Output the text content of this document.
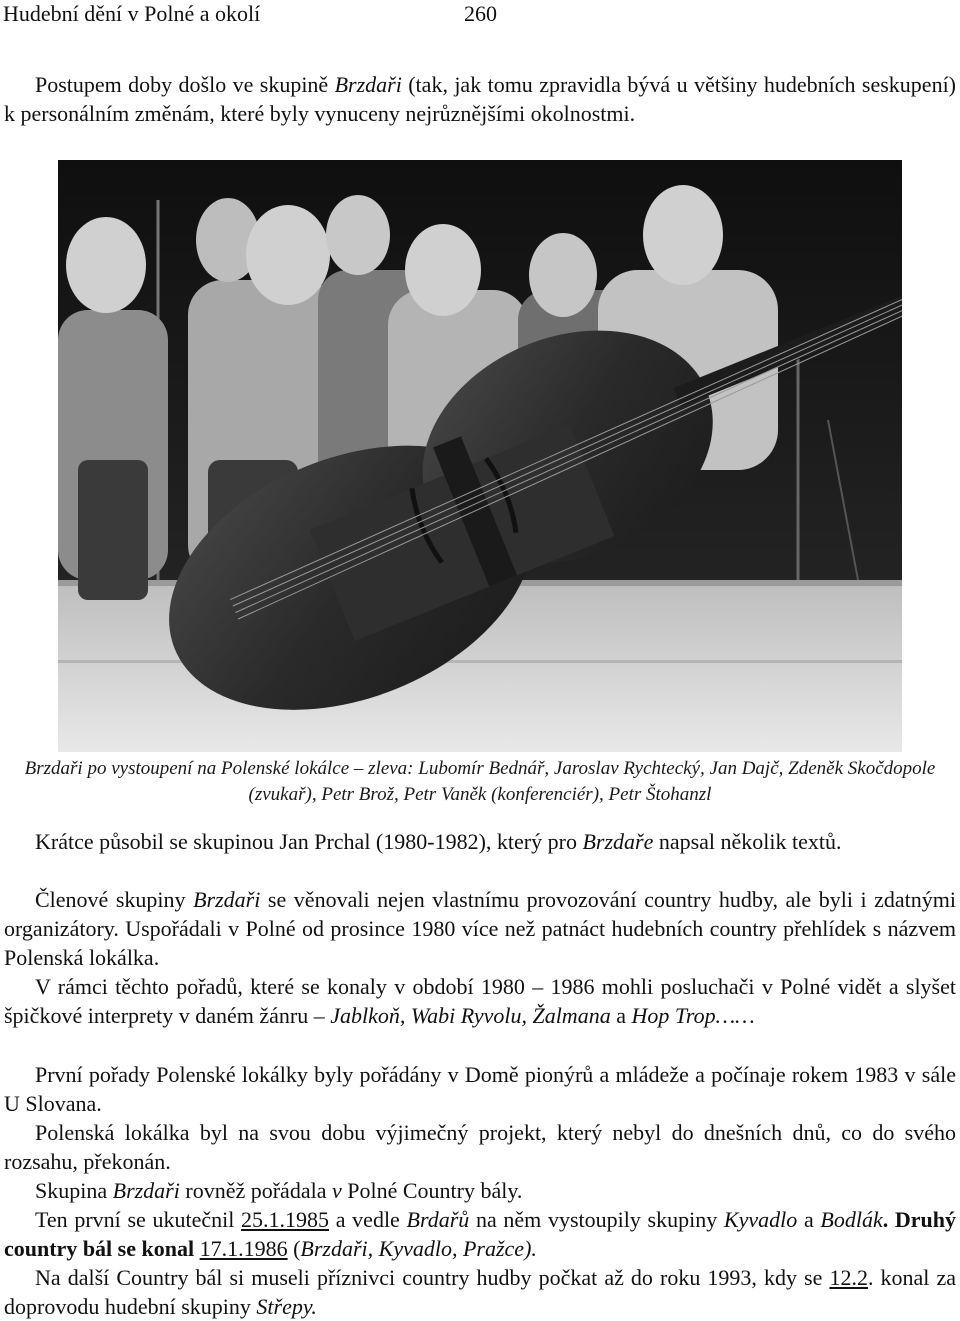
Hudební dění v Polné a okolí	260
Postupem doby došlo ve skupině Brzdaři (tak, jak tomu zpravidla bývá u většiny hudebních seskupení) k personálním změnám, které byly vynuceny nejrůznějšími okolnostmi.
Brzdaři po vystoupení na Polenské lokálce – zleva: Lubomír Bednář, Jaroslav Rychtecký, Jan Dajč, Zdeněk Skočdopole (zvukař), Petr Brož, Petr Vaněk (konferenciér), Petr Štohanzl
Krátce působil se skupinou Jan Prchal (1980-1982), který pro Brzdaře napsal několik textů.
Členové skupiny Brzdaři se věnovali nejen vlastnímu provozování country hudby, ale byli i zdatnými organizátory. Uspořádali v Polné od prosince 1980 více než patnáct hudebních country přehlídek s názvem Polenská lokálka.
V rámci těchto pořadů, které se konaly v období 1980 – 1986 mohli posluchači v Polné vidět a slyšet špičkové interprety v daném žánru – Jablkoň, Wabi Ryvolu, Žalmana a Hop Trop……
První pořady Polenské lokálky byly pořádány v Domě pionýrů a mládeže a počínaje rokem 1983 v sále U Slovana.
Polenská lokálka byl na svou dobu výjimečný projekt, který nebyl do dnešních dnů, co do svého rozsahu, překonán.
Skupina Brzdaři rovněž pořádala v Polné Country bály.
Ten první se ukutečnil 25.1.1985 a vedle Brdařů na něm vystoupily skupiny Kyvadlo a Bodlák. Druhý country bál se konal 17.1.1986 (Brzdaři, Kyvadlo, Pražce).
Na další Country bál si museli příznivci country hudby počkat až do roku 1993, kdy se 12.2. konal za doprovodu hudební skupiny Střepy.
